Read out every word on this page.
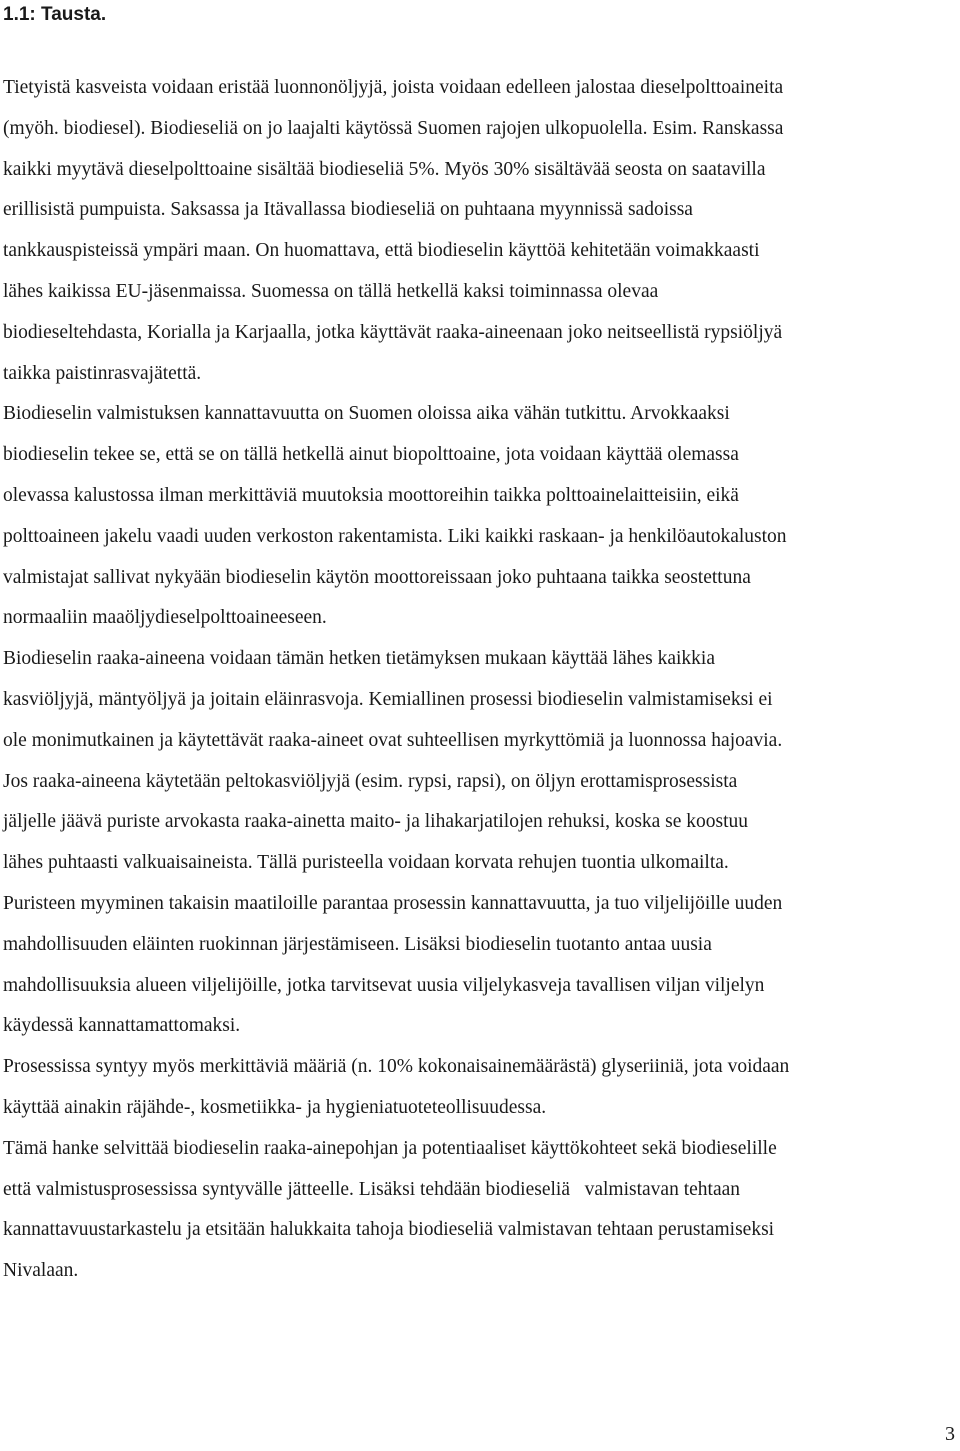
1.1: Tausta.

Tietyistä kasveista voidaan eristää luonnonöljyjä, joista voidaan edelleen jalostaa dieselpolttoaineita
(myöh. biodiesel). Biodieseliä on jo laajalti käytössä Suomen rajojen ulkopuolella. Esim. Ranskassa
kaikki myytävä dieselpolttoaine sisältää biodieseliä 5%. Myös 30% sisältävää seosta on saatavilla
erillisistä pumpuista. Saksassa ja Itävallassa biodieseliä on puhtaana myynnissä sadoissa
tankkauspisteissä ympäri maan. On huomattava, että biodieselin käyttöä kehitetään voimakkaasti
lähes kaikissa EU-jäsenmaissa. Suomessa on tällä hetkellä kaksi toiminnassa olevaa
biodieseltehdasta, Korialla ja Karjaalla, jotka käyttävät raaka-aineenaan joko neitseellistä rypsiöljyä
taikka paistinrasvajätettä.

Biodieselin valmistuksen kannattavuutta on Suomen oloissa aika vähän tutkittu. Arvokkaaksi
biodieselin tekee se, että se on tällä hetkellä ainut biopolttoaine, jota voidaan käyttää olemassa
olevassa kalustossa ilman merkittäviä muutoksia moottoreihin taikka polttoainelaitteisiin, eikä
polttoaineen jakelu vaadi uuden verkoston rakentamista. Liki kaikki raskaan- ja henkilöautokaluston
valmistajat sallivat nykyään biodieselin käytön moottoreissaan joko puhtaana taikka seostettuna
normaaliin maaöljydieselpolttoaineeseen.

Biodieselin raaka-aineena voidaan tämän hetken tietämyksen mukaan käyttää lähes kaikkia
kasviöljyjä, mäntyöljyä ja joitain eläinrasvoja. Kemiallinen prosessi biodieselin valmistamiseksi ei
ole monimutkainen ja käytettävät raaka-aineet ovat suhteellisen myrkyttömiä ja luonnossa hajoavia.
Jos raaka-aineena käytetään peltokasviöljyjä (esim. rypsi, rapsi), on öljyn erottamisprosessista
jäljelle jäävä puriste arvokasta raaka-ainetta maito- ja lihakarjatilojen rehuksi, koska se koostuu
lähes puhtaasti valkuaisaineista. Tällä puristeella voidaan korvata rehujen tuontia ulkomailta.
Puristeen myyminen takaisin maatiloille parantaa prosessin kannattavuutta, ja tuo viljelijöille uuden
mahdollisuuden eläinten ruokinnan järjestämiseen. Lisäksi biodieselin tuotanto antaa uusia
mahdollisuuksia alueen viljelijöille, jotka tarvitsevat uusia viljelykasveja tavallisen viljan viljelyn
käydessä kannattamattomaksi.

Prosessissa syntyy myös merkittäviä määriä (n. 10% kokonaisainemäärästä) glyseriiniä, jota voidaan
käyttää ainakin räjähde-, kosmetiikka- ja hygieniatuoteteollisuudessa.

Tämä hanke selvittää biodieselin raaka-ainepohjan ja potentiaaliset käyttökohteet sekä biodieselille
että valmistusprosessissa syntyvälle jätteelle. Lisäksi tehdään biodieseliä   valmistavan tehtaan
kannattavuustarkastelu ja etsitään halukkaita tahoja biodieseliä valmistavan tehtaan perustamiseksi
Nivalaan.

3
